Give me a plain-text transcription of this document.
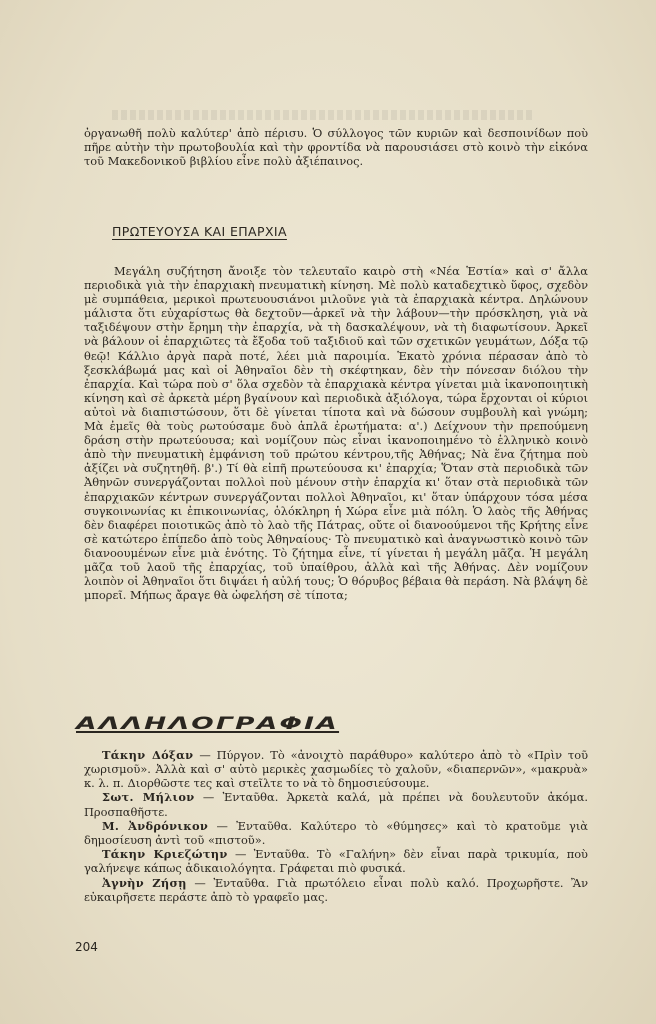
ὀργανωθῆ πολὺ καλύτερ' ἀπὸ πέρισυ. Ὁ σύλλογος τῶν κυριῶν καὶ δεσποινίδων ποὺ πῆρε αὐτὴν τὴν πρωτοβουλία καὶ τὴν φροντίδα νὰ παρουσιάσει στὸ κοινὸ τὴν εἰκόνα τοῦ Μακεδονικοῦ βιβλίου εἶνε πολὺ ἀξιέπαινος.

ΠΡΩΤΕΥΟΥΣΑ ΚΑΙ ΕΠΑΡΧΙΑ

Μεγάλη συζήτηση ἄνοιξε τὸν τελευταῖο καιρὸ στὴ «Νέα Ἑστία» καὶ σ' ἄλλα περιοδικὰ γιὰ τὴν ἐπαρχιακὴ πνευματικὴ κίνηση. Μὲ πολὺ καταδεχτικὸ ὕφος, σχεδὸν μὲ συμπάθεια, μερικοὶ πρωτευουσιάνοι μιλοῦνε γιὰ τὰ ἐπαρχιακὰ κέντρα. Δηλώνουν μάλιστα ὅτι εὐχαρίστως θὰ δεχτοῦν—ἀρκεῖ νὰ τὴν λάβουν—τὴν πρόσκληση, γιὰ νὰ ταξιδέψουν στὴν ἔρημη τὴν ἐπαρχία, νὰ τὴ δασκαλέψουν, νὰ τὴ διαφωτίσουν. Ἀρκεῖ νὰ βάλουν οἱ ἐπαρχιῶτες τὰ ἔξοδα τοῦ ταξιδιοῦ καὶ τῶν σχετικῶν γευμάτων, Δόξα τῷ θεῷ! Κάλλιο ἀργὰ παρὰ ποτέ, λέει μιὰ παροιμία. Ἑκατὸ χρόνια πέρασαν ἀπὸ τὸ ξεσκλάβωμά μας καὶ οἱ Ἀθηναῖοι δὲν τὴ σκέφτηκαν, δὲν τὴν πόνεσαν διόλου τὴν ἐπαρχία. Καὶ τώρα ποὺ σ' ὅλα σχεδὸν τὰ ἐπαρχιακὰ κέντρα γίνεται μιὰ ἱκανοποιητικὴ κίνηση καὶ σὲ ἀρκετὰ μέρη βγαίνουν καὶ περιοδικὰ ἀξιόλογα, τώρα ἔρχονται οἱ κύριοι αὐτοὶ νὰ διαπιστώσουν, ὅτι δὲ γίνεται τίποτα καὶ νὰ δώσουν συμβουλὴ καὶ γνώμη; Μὰ ἐμεῖς θὰ τοὺς ρωτούσαμε δυὸ ἁπλᾶ ἐρωτήματα: α'.) Δείχνουν τὴν πρεπούμενη δράση στὴν πρωτεύουσα; καὶ νομίζουν πὼς εἶναι ἱκανοποιημένο τὸ ἑλληνικὸ κοινὸ ἀπὸ τὴν πνευματικὴ ἐμφάνιση τοῦ πρώτου κέντρου,τῆς Ἀθήνας; Νὰ ἕνα ζήτημα ποὺ ἀξίζει νὰ συζητηθῆ. β'.) Τί θὰ εἰπῆ πρωτεύουσα κι' ἐπαρχία; Ὅταν στὰ περιοδικὰ τῶν Ἀθηνῶν συνεργάζονται πολλοὶ ποὺ μένουν στὴν ἐπαρχία κι' ὅταν στὰ περιοδικὰ τῶν ἐπαρχιακῶν κέντρων συνεργάζονται πολλοὶ Ἀθηναῖοι, κι' ὅταν ὑπάρχουν τόσα μέσα συγκοινωνίας κι ἐπικοινωνίας, ὁλόκληρη ἡ Χώρα εἶνε μιὰ πόλη. Ὁ λαὸς τῆς Ἀθήνας δὲν διαφέρει ποιοτικῶς ἀπὸ τὸ λαὸ τῆς Πάτρας, οὔτε οἱ διανοούμενοι τῆς Κρήτης εἶνε σὲ κατώτερο ἐπίπεδο ἀπὸ τοὺς Ἀθηναίους· Τὸ πνευματικὸ καὶ ἀναγνωστικὸ κοινὸ τῶν διανοουμένων εἶνε μιὰ ἑνότης. Τὸ ζήτημα εἶνε, τί γίνεται ἡ μεγάλη μᾶζα. Ἡ μεγάλη μᾶζα τοῦ λαοῦ τῆς ἐπαρχίας, τοῦ ὑπαίθρου, ἀλλὰ καὶ τῆς Ἀθήνας. Δὲν νομίζουν λοιπὸν οἱ Ἀθηναῖοι ὅτι διψάει ἡ αὐλή τους; Ὁ θόρυβος βέβαια θὰ περάση. Νὰ βλάψη δὲ μπορεῖ. Μήπως ἄραγε θὰ ὠφελήση σὲ τίποτα;

ΑΛΛΗΛΟΓΡΑΦΙΑ

Τάκην Δόξαν — Πύργον. Τὸ «ἀνοιχτὸ παράθυρο» καλύτερο ἀπὸ τὸ «Πρὶν τοῦ χωρισμοῦ». Ἀλλὰ καὶ σ' αὐτὸ μερικὲς χασμωδίες τὸ χαλοῦν, «διαπερνῶν», «μακρυὰ» κ. λ. π. Διορθῶστε τες καὶ στεῖλτε το νὰ τὸ δημοσιεύσουμε.

Σωτ. Μήλιον — Ἐνταῦθα. Ἀρκετὰ καλά, μὰ πρέπει νὰ δουλευτοῦν ἀκόμα. Προσπαθῆστε.

Μ. Ἀνδρόνικον — Ἐνταῦθα. Καλύτερο τὸ «θύμησες» καὶ τὸ κρατοῦμε γιὰ δημοσίευση ἀντὶ τοῦ «πιστοῦ».

Τάκην Κριεζώτην — Ἐνταῦθα. Τὸ «Γαλήνη» δὲν εἶναι παρὰ τρικυμία, ποὺ γαλήνεψε κάπως ἀδικαιολόγητα. Γράφεται πιὸ φυσικά.

Ἀγνὴν Ζήσῃ — Ἐνταῦθα. Γιὰ πρωτόλειο εἶναι πολὺ καλό. Προχωρῆστε. Ἂν εὐκαιρῆσετε περάστε ἀπὸ τὸ γραφεῖο μας.

204
